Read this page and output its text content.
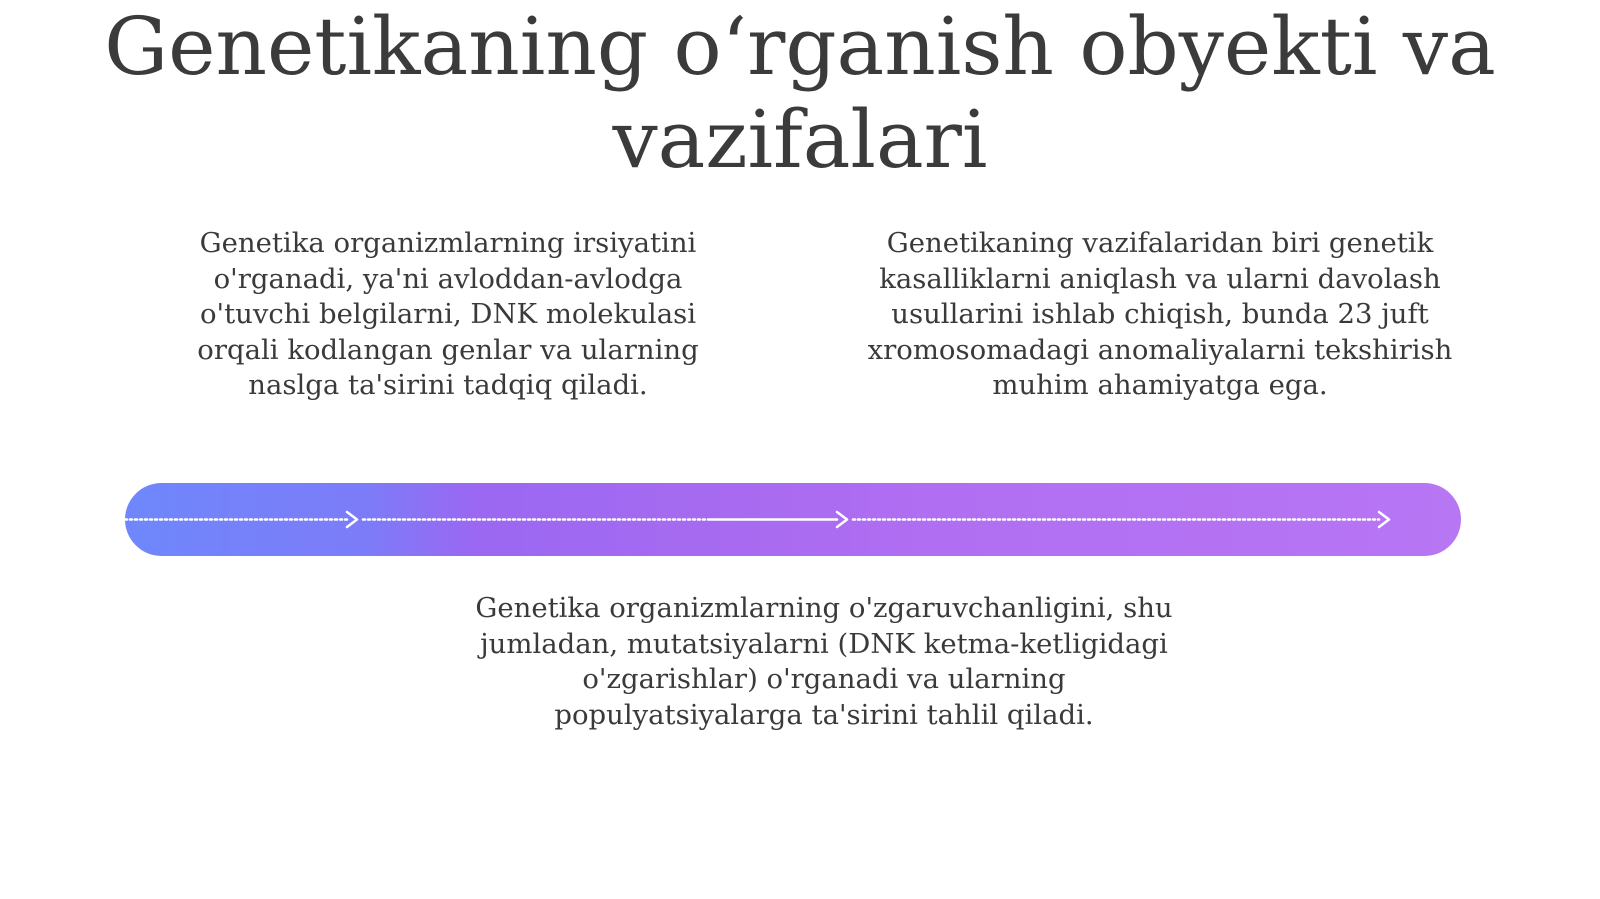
Genetikaning o‘rganish obyekti va vazifalari

Genetika organizmlarning irsiyatini o'rganadi, ya'ni avloddan-avlodga o'tuvchi belgilarni, DNK molekulasi orqali kodlangan genlar va ularning naslga ta'sirini tadqiq qiladi.

Genetikaning vazifalaridan biri genetik kasalliklarni aniqlash va ularni davolash usullarini ishlab chiqish, bunda 23 juft xromosomadagi anomaliyalarni tekshirish muhim ahamiyatga ega.

Genetika organizmlarning o'zgaruvchanligini, shu jumladan, mutatsiyalarni (DNK ketma-ketligidagi o'zgarishlar) o'rganadi va ularning populyatsiyalarga ta'sirini tahlil qiladi.
